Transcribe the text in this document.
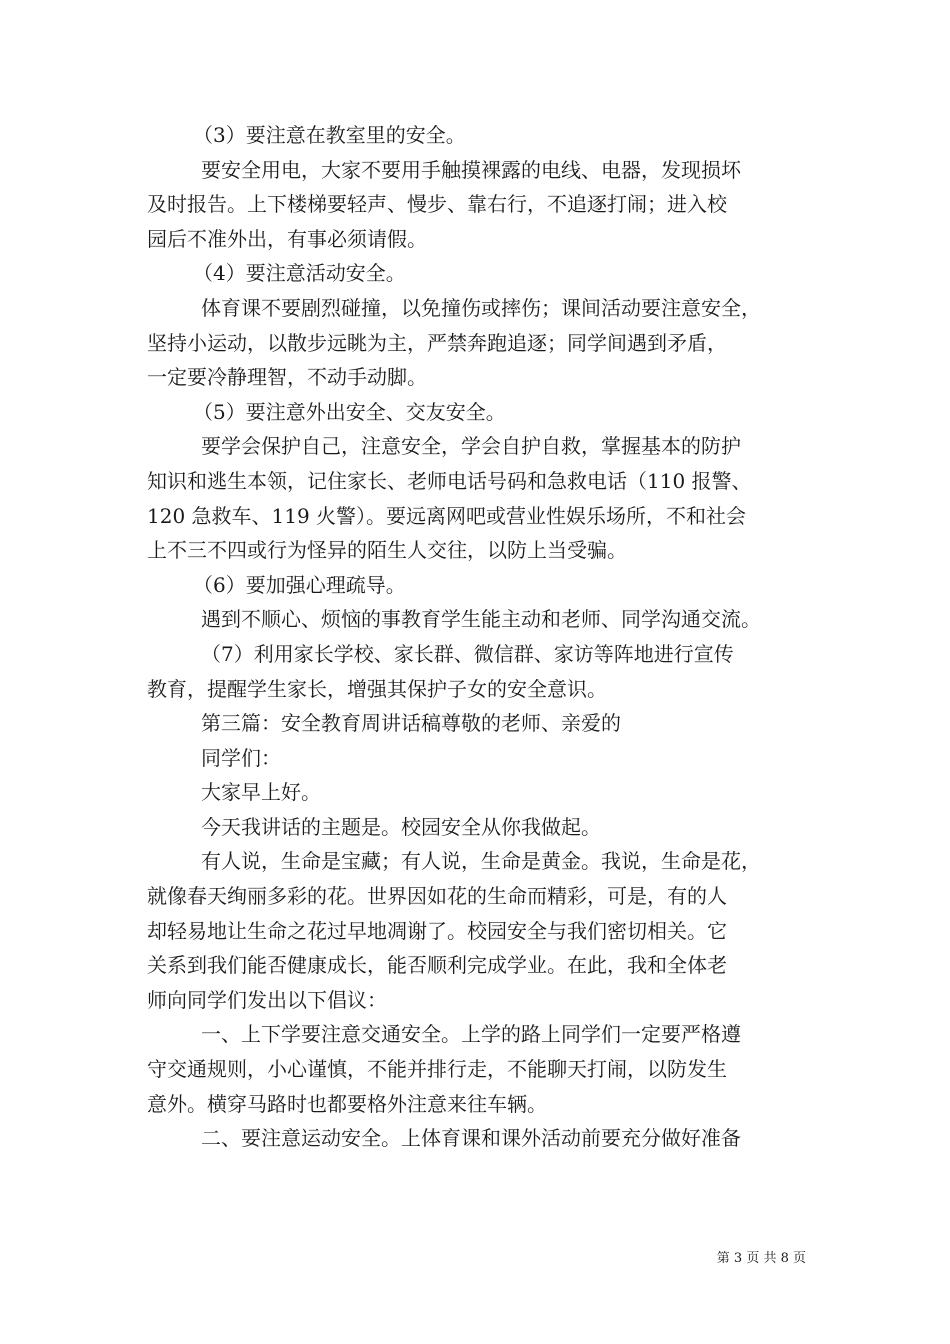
（3）要注意在教室里的安全。
要安全用电，大家不要用手触摸裸露的电线、电器，发现损坏
及时报告。上下楼梯要轻声、慢步、靠右行，不追逐打闹；进入校
园后不准外出，有事必须请假。
（4）要注意活动安全。
体育课不要剧烈碰撞，以免撞伤或摔伤；课间活动要注意安全，
坚持小运动，以散步远眺为主，严禁奔跑追逐；同学间遇到矛盾，
一定要冷静理智，不动手动脚。
（5）要注意外出安全、交友安全。
要学会保护自己，注意安全，学会自护自救，掌握基本的防护
知识和逃生本领，记住家长、老师电话号码和急救电话（110 报警、
120 急救车、119 火警）。要远离网吧或营业性娱乐场所，不和社会
上不三不四或行为怪异的陌生人交往，以防上当受骗。
（6）要加强心理疏导。
遇到不顺心、烦恼的事教育学生能主动和老师、同学沟通交流。
（7）利用家长学校、家长群、微信群、家访等阵地进行宣传
教育，提醒学生家长，增强其保护子女的安全意识。
第三篇：安全教育周讲话稿尊敬的老师、亲爱的
同学们：
大家早上好。
今天我讲话的主题是。校园安全从你我做起。
有人说，生命是宝藏；有人说，生命是黄金。我说，生命是花，
就像春天绚丽多彩的花。世界因如花的生命而精彩，可是，有的人
却轻易地让生命之花过早地凋谢了。校园安全与我们密切相关。它
关系到我们能否健康成长，能否顺利完成学业。在此，我和全体老
师向同学们发出以下倡议：
一、上下学要注意交通安全。上学的路上同学们一定要严格遵
守交通规则，小心谨慎，不能并排行走，不能聊天打闹，以防发生
意外。横穿马路时也都要格外注意来往车辆。
二、要注意运动安全。上体育课和课外活动前要充分做好准备
第 3 页 共 8 页
